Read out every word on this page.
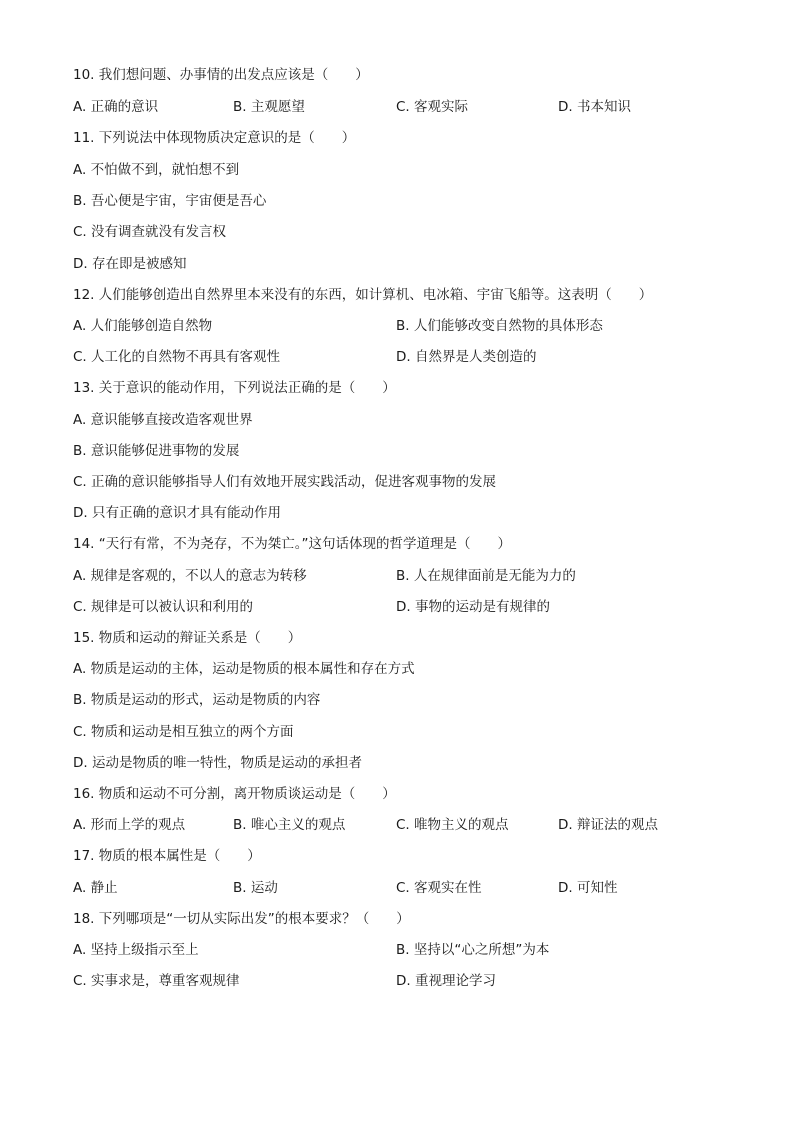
10. 我们想问题、办事情的出发点应该是（　　）
A. 正确的意识	B. 主观愿望	C. 客观实际	D. 书本知识
11. 下列说法中体现物质决定意识的是（　　）
A. 不怕做不到，就怕想不到
B. 吾心便是宇宙，宇宙便是吾心
C. 没有调查就没有发言权
D. 存在即是被感知
12. 人们能够创造出自然界里本来没有的东西，如计算机、电冰箱、宇宙飞船等。这表明（　　）
A. 人们能够创造自然物	B. 人们能够改变自然物的具体形态
C. 人工化的自然物不再具有客观性	D. 自然界是人类创造的
13. 关于意识的能动作用，下列说法正确的是（　　）
A. 意识能够直接改造客观世界
B. 意识能够促进事物的发展
C. 正确的意识能够指导人们有效地开展实践活动，促进客观事物的发展
D. 只有正确的意识才具有能动作用
14. “天行有常，不为尧存，不为桀亡。”这句话体现的哲学道理是（　　）
A. 规律是客观的，不以人的意志为转移	B. 人在规律面前是无能为力的
C. 规律是可以被认识和利用的	D. 事物的运动是有规律的
15. 物质和运动的辩证关系是（　　）
A. 物质是运动的主体，运动是物质的根本属性和存在方式
B. 物质是运动的形式，运动是物质的内容
C. 物质和运动是相互独立的两个方面
D. 运动是物质的唯一特性，物质是运动的承担者
16. 物质和运动不可分割，离开物质谈运动是（　　）
A. 形而上学的观点	B. 唯心主义的观点	C. 唯物主义的观点	D. 辩证法的观点
17. 物质的根本属性是（　　）
A. 静止	B. 运动	C. 客观实在性	D. 可知性
18. 下列哪项是“一切从实际出发”的根本要求？（　　）
A. 坚持上级指示至上	B. 坚持以“心之所想”为本
C. 实事求是，尊重客观规律	D. 重视理论学习
